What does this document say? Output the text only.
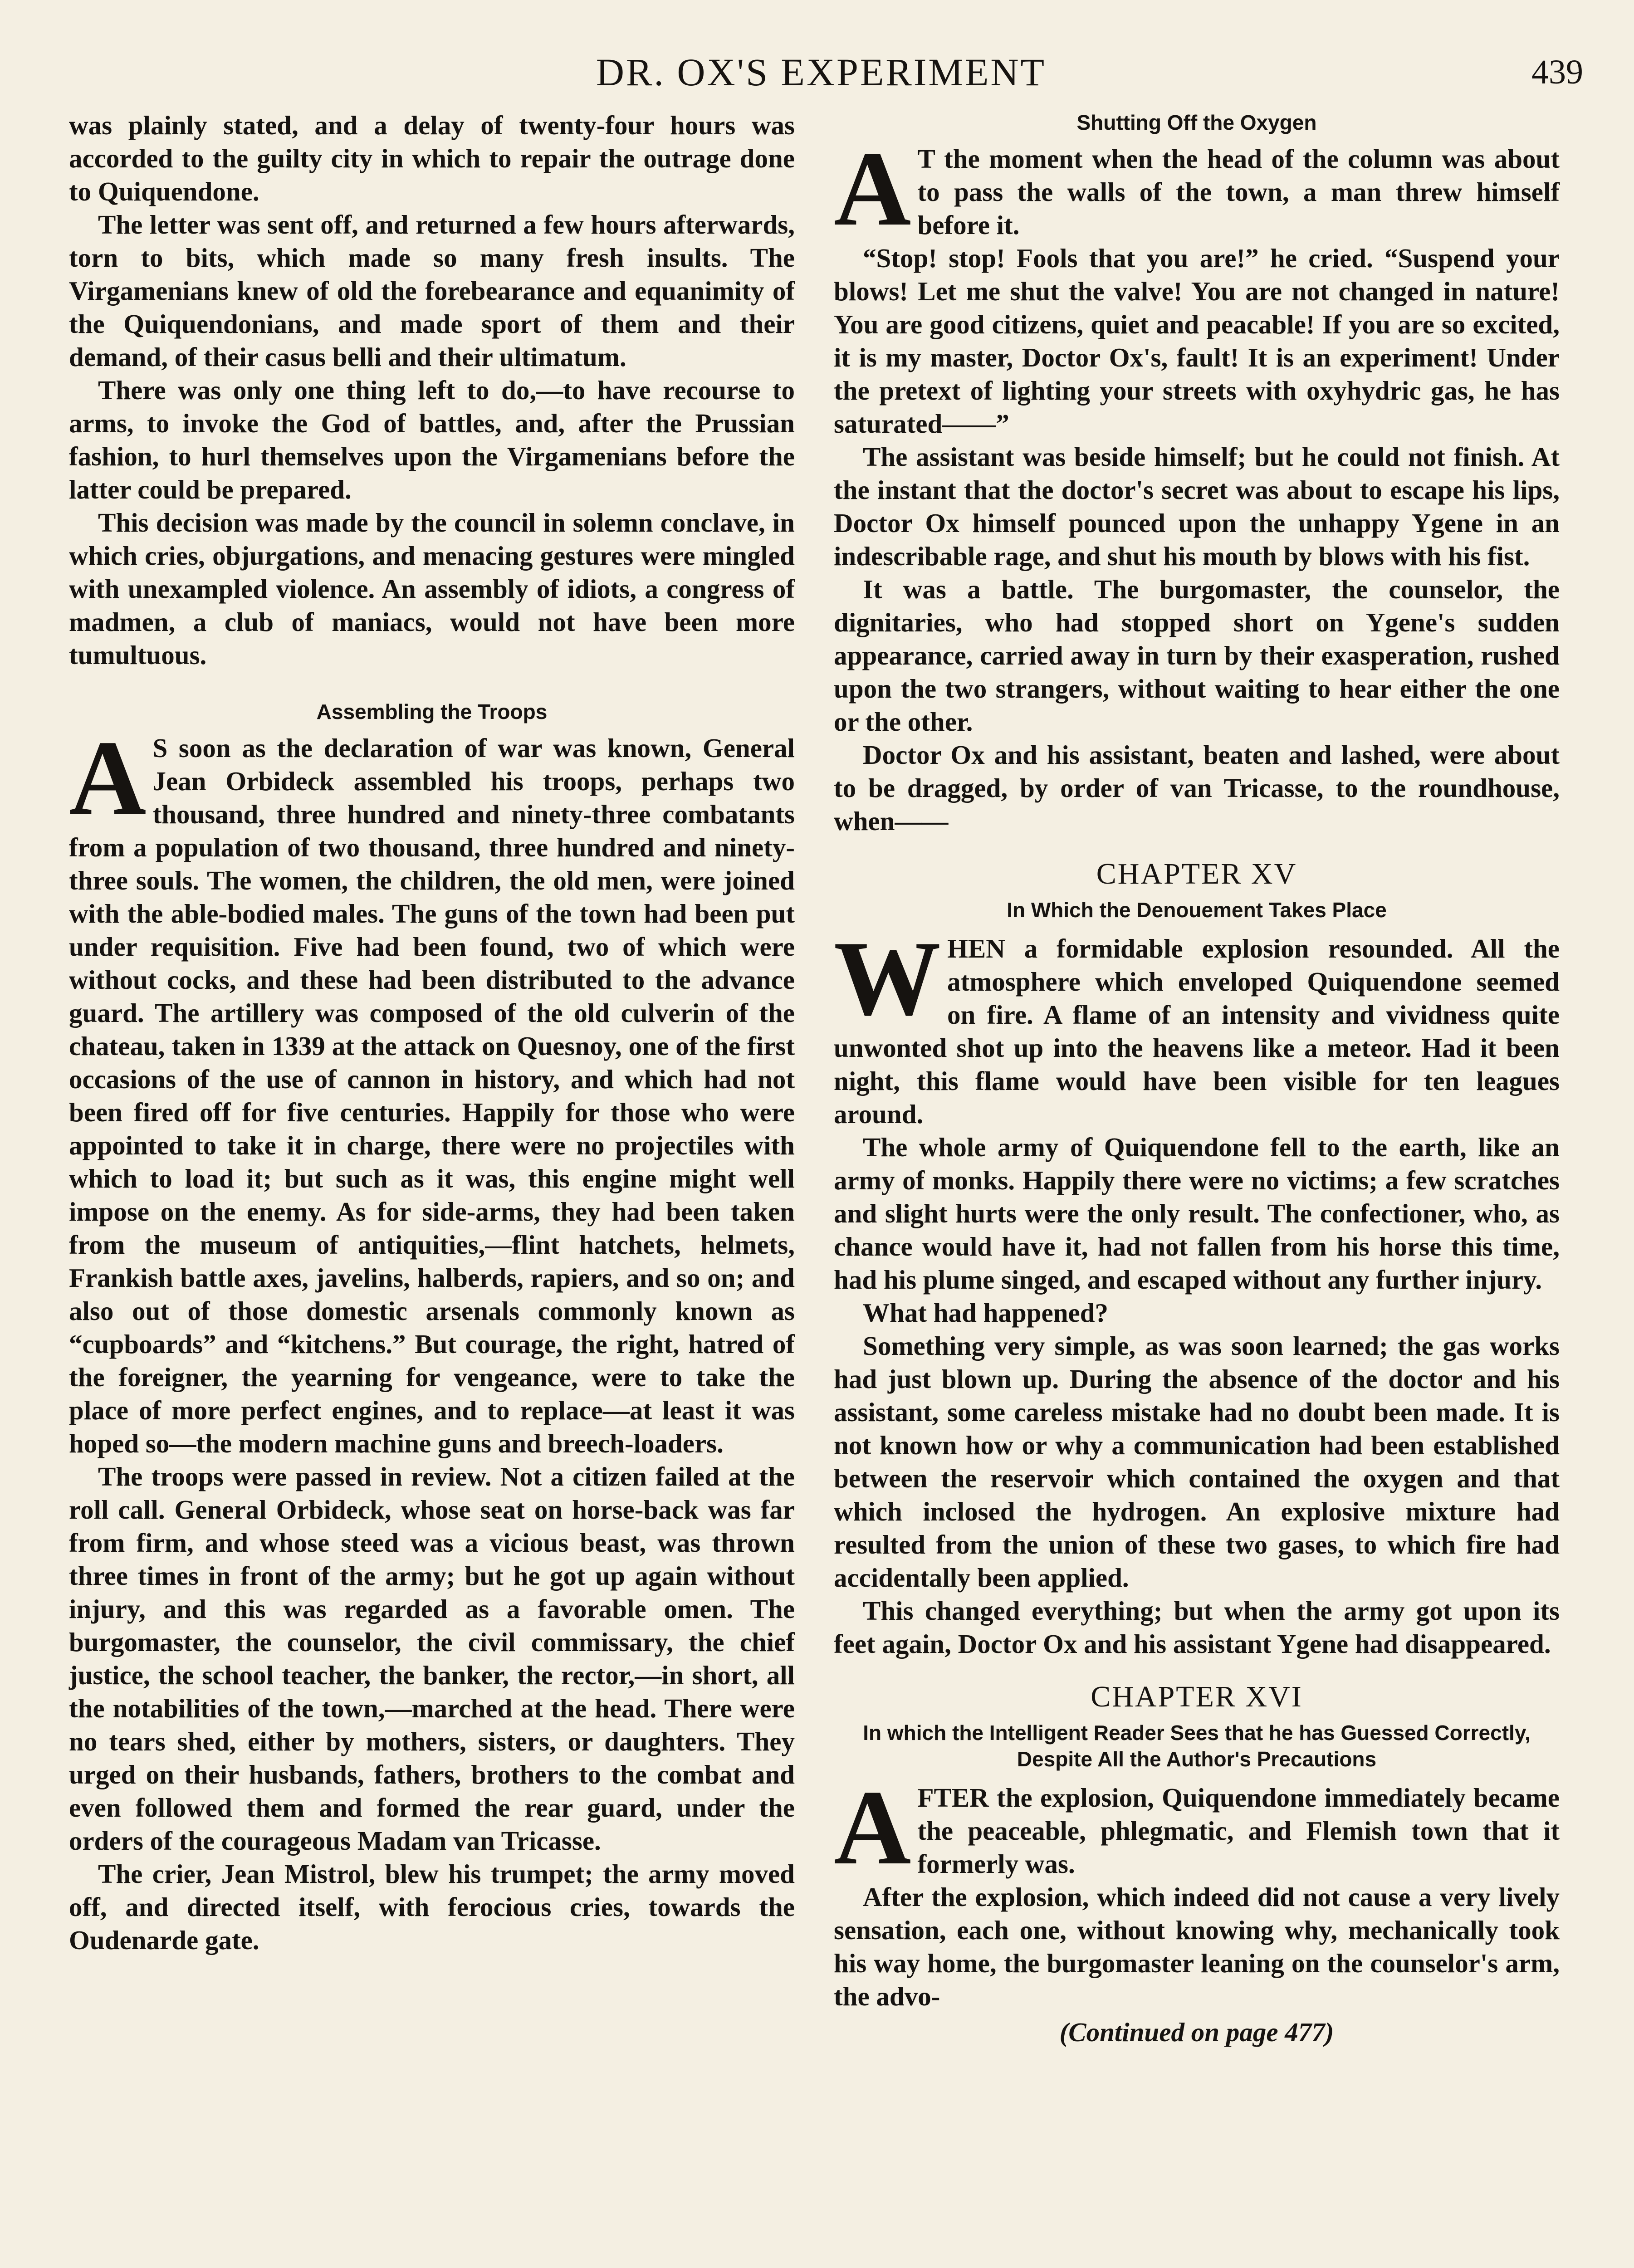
DR. OX'S EXPERIMENT	439

was plainly stated, and a delay of twenty-four hours was accorded to the guilty city in which to repair the outrage done to Quiquendone.

The letter was sent off, and returned a few hours afterwards, torn to bits, which made so many fresh insults. The Virgamenians knew of old the forebearance and equanimity of the Quiquendonians, and made sport of them and their demand, of their casus belli and their ultimatum.

There was only one thing left to do,—to have recourse to arms, to invoke the God of battles, and, after the Prussian fashion, to hurl themselves upon the Virgamenians before the latter could be prepared.

This decision was made by the council in solemn conclave, in which cries, objurgations, and menacing gestures were mingled with unexampled violence. An assembly of idiots, a congress of madmen, a club of maniacs, would not have been more tumultuous.

Assembling the Troops

A S soon as the declaration of war was known, General Jean Orbideck assembled his troops, perhaps two thousand, three hundred and ninety-three combatants from a population of two thousand, three hundred and ninety-three souls. The women, the children, the old men, were joined with the able-bodied males. The guns of the town had been put under requisition. Five had been found, two of which were without cocks, and these had been distributed to the advance guard. The artillery was composed of the old culverin of the chateau, taken in 1339 at the attack on Quesnoy, one of the first occasions of the use of cannon in history, and which had not been fired off for five centuries. Happily for those who were appointed to take it in charge, there were no projectiles with which to load it; but such as it was, this engine might well impose on the enemy. As for side-arms, they had been taken from the museum of antiquities,—flint hatchets, helmets, Frankish battle axes, javelins, halberds, rapiers, and so on; and also out of those domestic arsenals commonly known as “cupboards” and “kitchens.” But courage, the right, hatred of the foreigner, the yearning for vengeance, were to take the place of more perfect engines, and to replace—at least it was hoped so—the modern machine guns and breech-loaders.

The troops were passed in review. Not a citizen failed at the roll call. General Orbideck, whose seat on horse-back was far from firm, and whose steed was a vicious beast, was thrown three times in front of the army; but he got up again without injury, and this was regarded as a favorable omen. The burgomaster, the counselor, the civil commissary, the chief justice, the school teacher, the banker, the rector,—in short, all the notabilities of the town,—marched at the head. There were no tears shed, either by mothers, sisters, or daughters. They urged on their husbands, fathers, brothers to the combat and even followed them and formed the rear guard, under the orders of the courageous Madam van Tricasse.

The crier, Jean Mistrol, blew his trumpet; the army moved off, and directed itself, with ferocious cries, towards the Oudenarde gate.

Shutting Off the Oxygen

A T the moment when the head of the column was about to pass the walls of the town, a man threw himself before it.

“Stop! stop! Fools that you are!” he cried. “Suspend your blows! Let me shut the valve! You are not changed in nature! You are good citizens, quiet and peacable! If you are so excited, it is my master, Doctor Ox's, fault! It is an experiment! Under the pretext of lighting your streets with oxyhydric gas, he has saturated——”

The assistant was beside himself; but he could not finish. At the instant that the doctor's secret was about to escape his lips, Doctor Ox himself pounced upon the unhappy Ygene in an indescribable rage, and shut his mouth by blows with his fist.

It was a battle. The burgomaster, the counselor, the dignitaries, who had stopped short on Ygene's sudden appearance, carried away in turn by their exasperation, rushed upon the two strangers, without waiting to hear either the one or the other.

Doctor Ox and his assistant, beaten and lashed, were about to be dragged, by order of van Tricasse, to the roundhouse, when——

CHAPTER XV
In Which the Denouement Takes Place

WHEN a formidable explosion resounded. All the atmosphere which enveloped Quiquendone seemed on fire. A flame of an intensity and vividness quite unwonted shot up into the heavens like a meteor. Had it been night, this flame would have been visible for ten leagues around.

The whole army of Quiquendone fell to the earth, like an army of monks. Happily there were no victims; a few scratches and slight hurts were the only result. The confectioner, who, as chance would have it, had not fallen from his horse this time, had his plume singed, and escaped without any further injury.

What had happened?

Something very simple, as was soon learned; the gas works had just blown up. During the absence of the doctor and his assistant, some careless mistake had no doubt been made. It is not known how or why a communication had been established between the reservoir which contained the oxygen and that which inclosed the hydrogen. An explosive mixture had resulted from the union of these two gases, to which fire had accidentally been applied.

This changed everything; but when the army got upon its feet again, Doctor Ox and his assistant Ygene had disappeared.

CHAPTER XVI
In which the Intelligent Reader Sees that he has Guessed Correctly, Despite All the Author's Precautions

AFTER the explosion, Quiquendone immediately became the peaceable, phlegmatic, and Flemish town that it formerly was.

After the explosion, which indeed did not cause a very lively sensation, each one, without knowing why, mechanically took his way home, the burgomaster leaning on the counselor's arm, the advo-

(Continued on page 477)
